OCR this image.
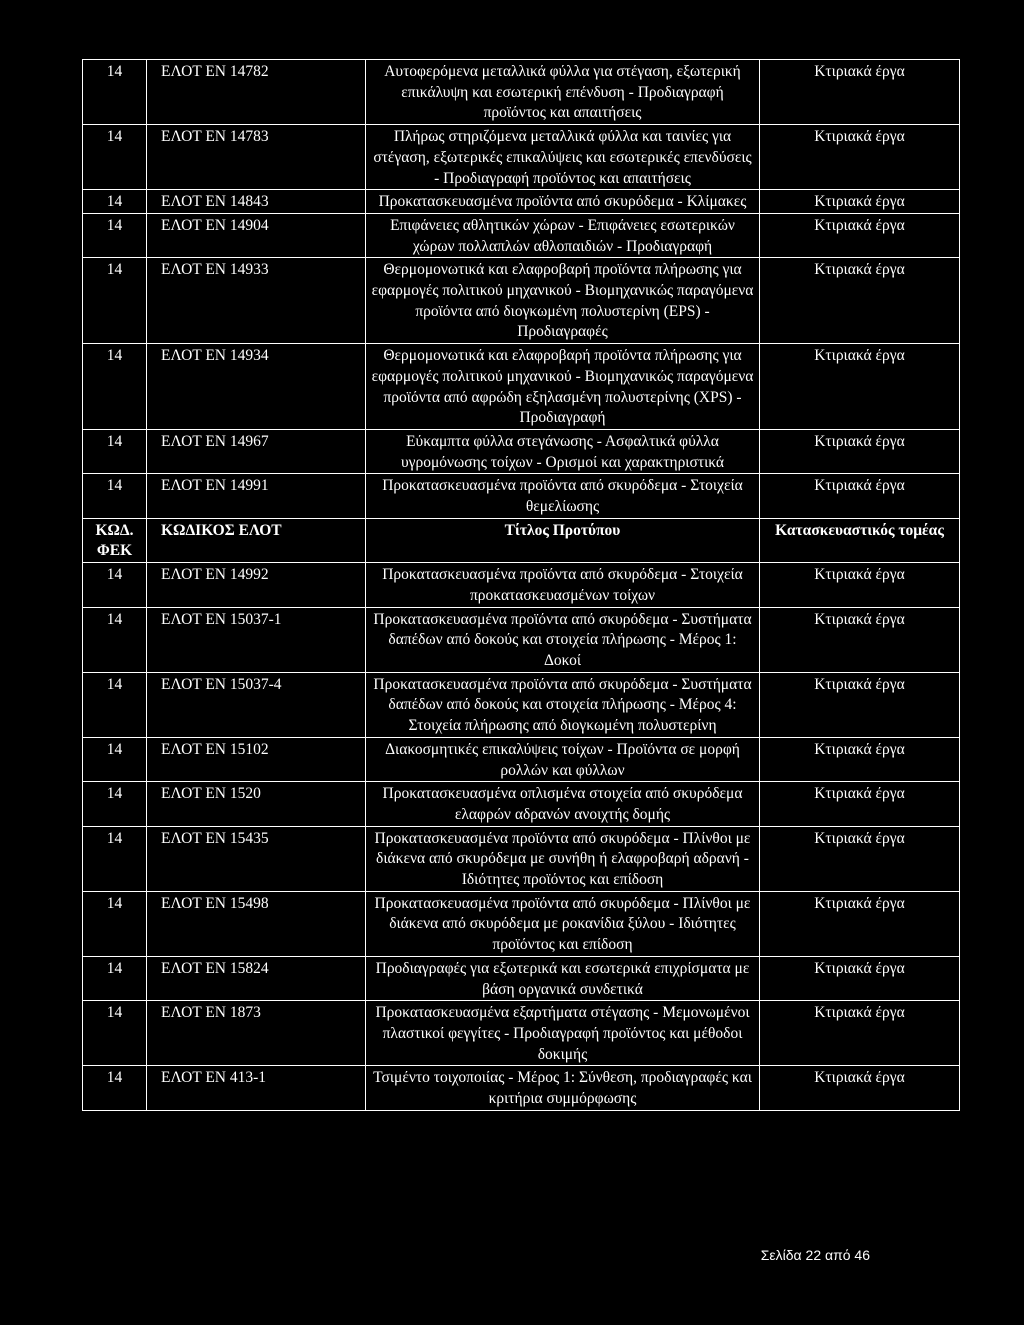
14	ΕΛΟΤ ΕΝ 14782	Αυτοφερόμενα μεταλλικά φύλλα για στέγαση, εξωτερική επικάλυψη και εσωτερική επένδυση - Προδιαγραφή προϊόντος και απαιτήσεις	Κτιριακά έργα
14	ΕΛΟΤ ΕΝ 14783	Πλήρως στηριζόμενα μεταλλικά φύλλα και ταινίες για στέγαση, εξωτερικές επικαλύψεις και εσωτερικές επενδύσεις - Προδιαγραφή προϊόντος και απαιτήσεις	Κτιριακά έργα
14	ΕΛΟΤ ΕΝ 14843	Προκατασκευασμένα προϊόντα από σκυρόδεμα - Κλίμακες	Κτιριακά έργα
14	ΕΛΟΤ ΕΝ 14904	Επιφάνειες αθλητικών χώρων - Επιφάνειες εσωτερικών χώρων πολλαπλών αθλοπαιδιών - Προδιαγραφή	Κτιριακά έργα
14	ΕΛΟΤ ΕΝ 14933	Θερμομονωτικά και ελαφροβαρή προϊόντα πλήρωσης για εφαρμογές πολιτικού μηχανικού - Βιομηχανικώς παραγόμενα προϊόντα από διογκωμένη πολυστερίνη (EPS) - Προδιαγραφές	Κτιριακά έργα
14	ΕΛΟΤ ΕΝ 14934	Θερμομονωτικά και ελαφροβαρή προϊόντα πλήρωσης για εφαρμογές πολιτικού μηχανικού - Βιομηχανικώς παραγόμενα προϊόντα από αφρώδη εξηλασμένη πολυστερίνης (XPS) - Προδιαγραφή	Κτιριακά έργα
14	ΕΛΟΤ ΕΝ 14967	Εύκαμπτα φύλλα στεγάνωσης - Ασφαλτικά φύλλα υγρομόνωσης τοίχων - Ορισμοί και χαρακτηριστικά	Κτιριακά έργα
14	ΕΛΟΤ ΕΝ 14991	Προκατασκευασμένα προϊόντα από σκυρόδεμα - Στοιχεία θεμελίωσης	Κτιριακά έργα
ΚΩΔ. ΦΕΚ	ΚΩΔΙΚΟΣ ΕΛΟΤ	Τίτλος Προτύπου	Κατασκευαστικός τομέας
14	ΕΛΟΤ ΕΝ 14992	Προκατασκευασμένα προϊόντα από σκυρόδεμα - Στοιχεία προκατασκευασμένων τοίχων	Κτιριακά έργα
14	ΕΛΟΤ ΕΝ 15037-1	Προκατασκευασμένα προϊόντα από σκυρόδεμα - Συστήματα δαπέδων από δοκούς και στοιχεία πλήρωσης - Μέρος 1: Δοκοί	Κτιριακά έργα
14	ΕΛΟΤ ΕΝ 15037-4	Προκατασκευασμένα προϊόντα από σκυρόδεμα - Συστήματα δαπέδων από δοκούς και στοιχεία πλήρωσης - Μέρος 4: Στοιχεία πλήρωσης από διογκωμένη πολυστερίνη	Κτιριακά έργα
14	ΕΛΟΤ ΕΝ 15102	Διακοσμητικές επικαλύψεις τοίχων - Προϊόντα σε μορφή ρολλών και φύλλων	Κτιριακά έργα
14	ΕΛΟΤ ΕΝ 1520	Προκατασκευασμένα οπλισμένα στοιχεία από σκυρόδεμα ελαφρών αδρανών ανοιχτής δομής	Κτιριακά έργα
14	ΕΛΟΤ ΕΝ 15435	Προκατασκευασμένα προϊόντα από σκυρόδεμα - Πλίνθοι με διάκενα από σκυρόδεμα με συνήθη ή ελαφροβαρή αδρανή - Ιδιότητες προϊόντος και επίδοση	Κτιριακά έργα
14	ΕΛΟΤ ΕΝ 15498	Προκατασκευασμένα προϊόντα από σκυρόδεμα - Πλίνθοι με διάκενα από σκυρόδεμα με ροκανίδια ξύλου - Ιδιότητες προϊόντος και επίδοση	Κτιριακά έργα
14	ΕΛΟΤ ΕΝ 15824	Προδιαγραφές για εξωτερικά και εσωτερικά επιχρίσματα με βάση οργανικά συνδετικά	Κτιριακά έργα
14	ΕΛΟΤ ΕΝ 1873	Προκατασκευασμένα εξαρτήματα στέγασης - Μεμονωμένοι πλαστικοί φεγγίτες - Προδιαγραφή προϊόντος και μέθοδοι δοκιμής	Κτιριακά έργα
14	ΕΛΟΤ ΕΝ 413-1	Τσιμέντο τοιχοποιίας - Μέρος 1: Σύνθεση, προδιαγραφές και κριτήρια συμμόρφωσης	Κτιριακά έργα
Σελίδα 22 από 46
